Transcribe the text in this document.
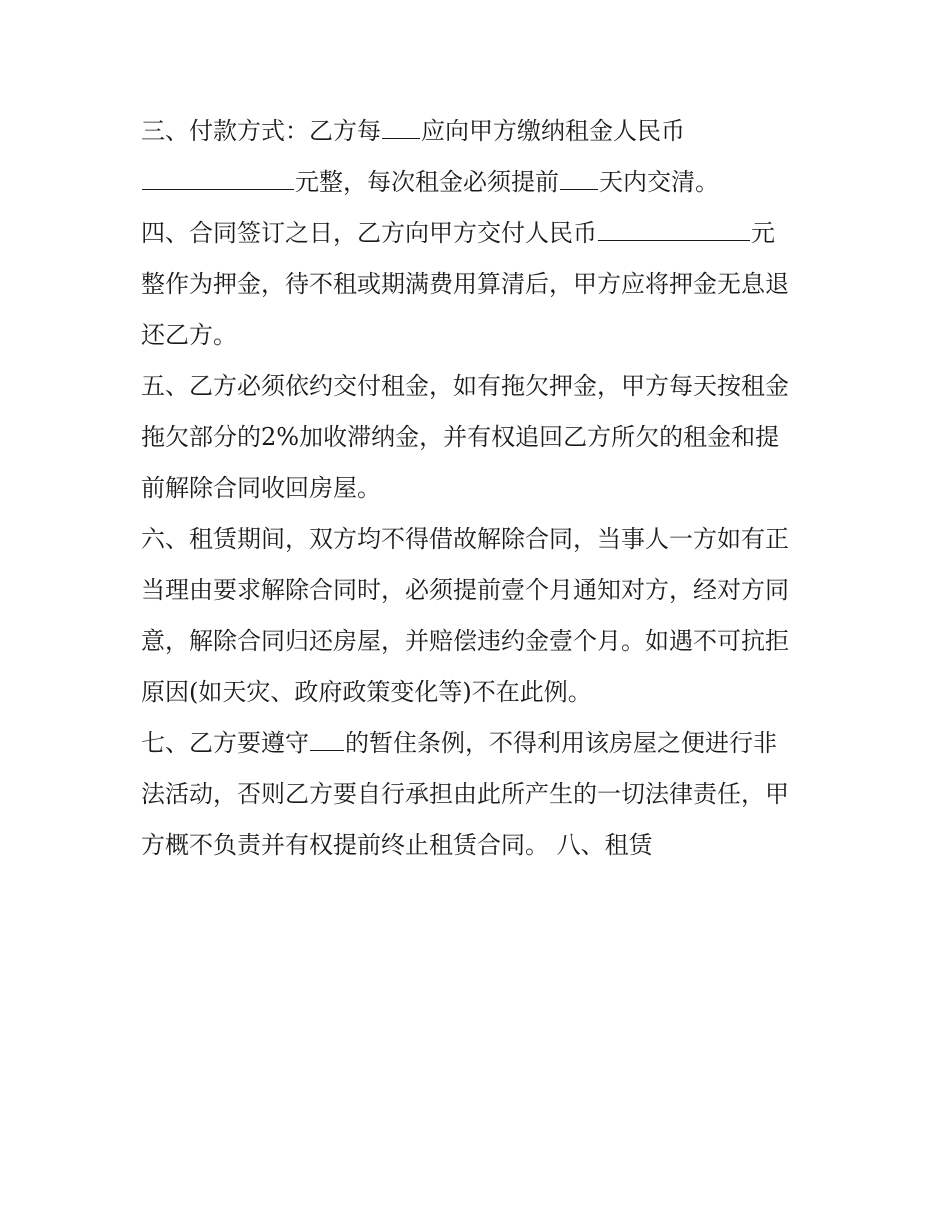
三、付款方式：乙方每 应向甲方缴纳租金人民币
元整，每次租金必须提前 天内交清。
四、合同签订之日，乙方向甲方交付人民币	元
整作为押金，待不租或期满费用算清后，甲方应将押金无息退
还乙方。
五、乙方必须依约交付租金，如有拖欠押金，甲方每天按租金
拖欠部分的2%加收滞纳金，并有权追回乙方所欠的租金和提
前解除合同收回房屋。
六、租赁期间，双方均不得借故解除合同，当事人一方如有正
当理由要求解除合同时，必须提前壹个月通知对方，经对方同
意，解除合同归还房屋，并赔偿违约金壹个月。如遇不可抗拒
原因(如天灾、政府政策变化等)不在此例。
七、乙方要遵守 的暂住条例，不得利用该房屋之便进行非
法活动，否则乙方要自行承担由此所产生的一切法律责任，甲
方概不负责并有权提前终止租赁合同。 八、租赁
